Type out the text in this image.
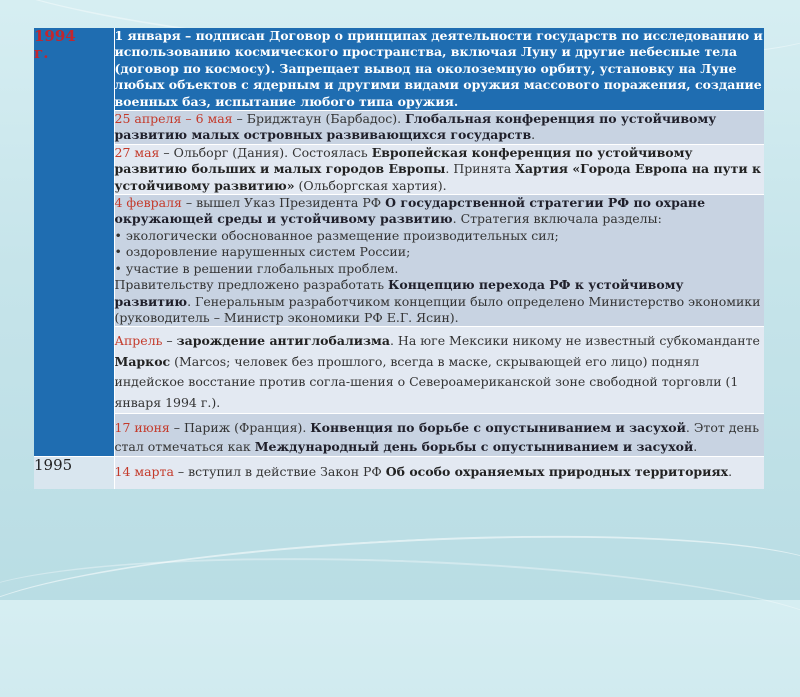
1994
г.	1 января – подписан Договор о принципах деятельности государств по исследованию и использованию космического пространства, включая Луну и другие небесные тела (договор по космосу). Запрещает вывод на околоземную орбиту, установку на Луне любых объектов с ядерным и другими видами оружия массового поражения, создание военных баз, испытание любого типа оружия.
	25 апреля – 6 мая – Бриджтаун (Барбадос). Глобальная конференция по устойчивому развитию малых островных развивающихся государств.
	27 мая – Ольборг (Дания). Состоялась Европейская конференция по устойчивому развитию больших и малых городов Европы. Принята Хартия «Города Европа на пути к устойчивому развитию» (Ольборгская хартия).
	4 февраля – вышел Указ Президента РФ О государственной стратегии РФ по охране окружающей среды и устойчивому развитию. Стратегия включала разделы:
• экологически обоснованное размещение производительных сил;
• оздоровление нарушенных систем России;
• участие в решении глобальных проблем.
Правительству предложено разработать Концепцию перехода РФ к устойчивому развитию. Генеральным разработчиком концепции было определено Министерство экономики (руководитель – Министр экономики РФ Е.Г. Ясин).
	Апрель – зарождение антиглобализма. На юге Мексики никому не известный субкоманданте Маркос (Marcos; человек без прошлого, всегда в маске, скрывающей его лицо) поднял индейское восстание против согла-шения о Североамериканской зоне свободной торговли (1 января 1994 г.).
	17 июня – Париж (Франция). Конвенция по борьбе с опустыниванием и засухой. Этот день стал отмечаться как Международный день борьбы с опустыниванием и засухой.
1995	14 марта – вступил в действие Закон РФ Об особо охраняемых природных территориях.
